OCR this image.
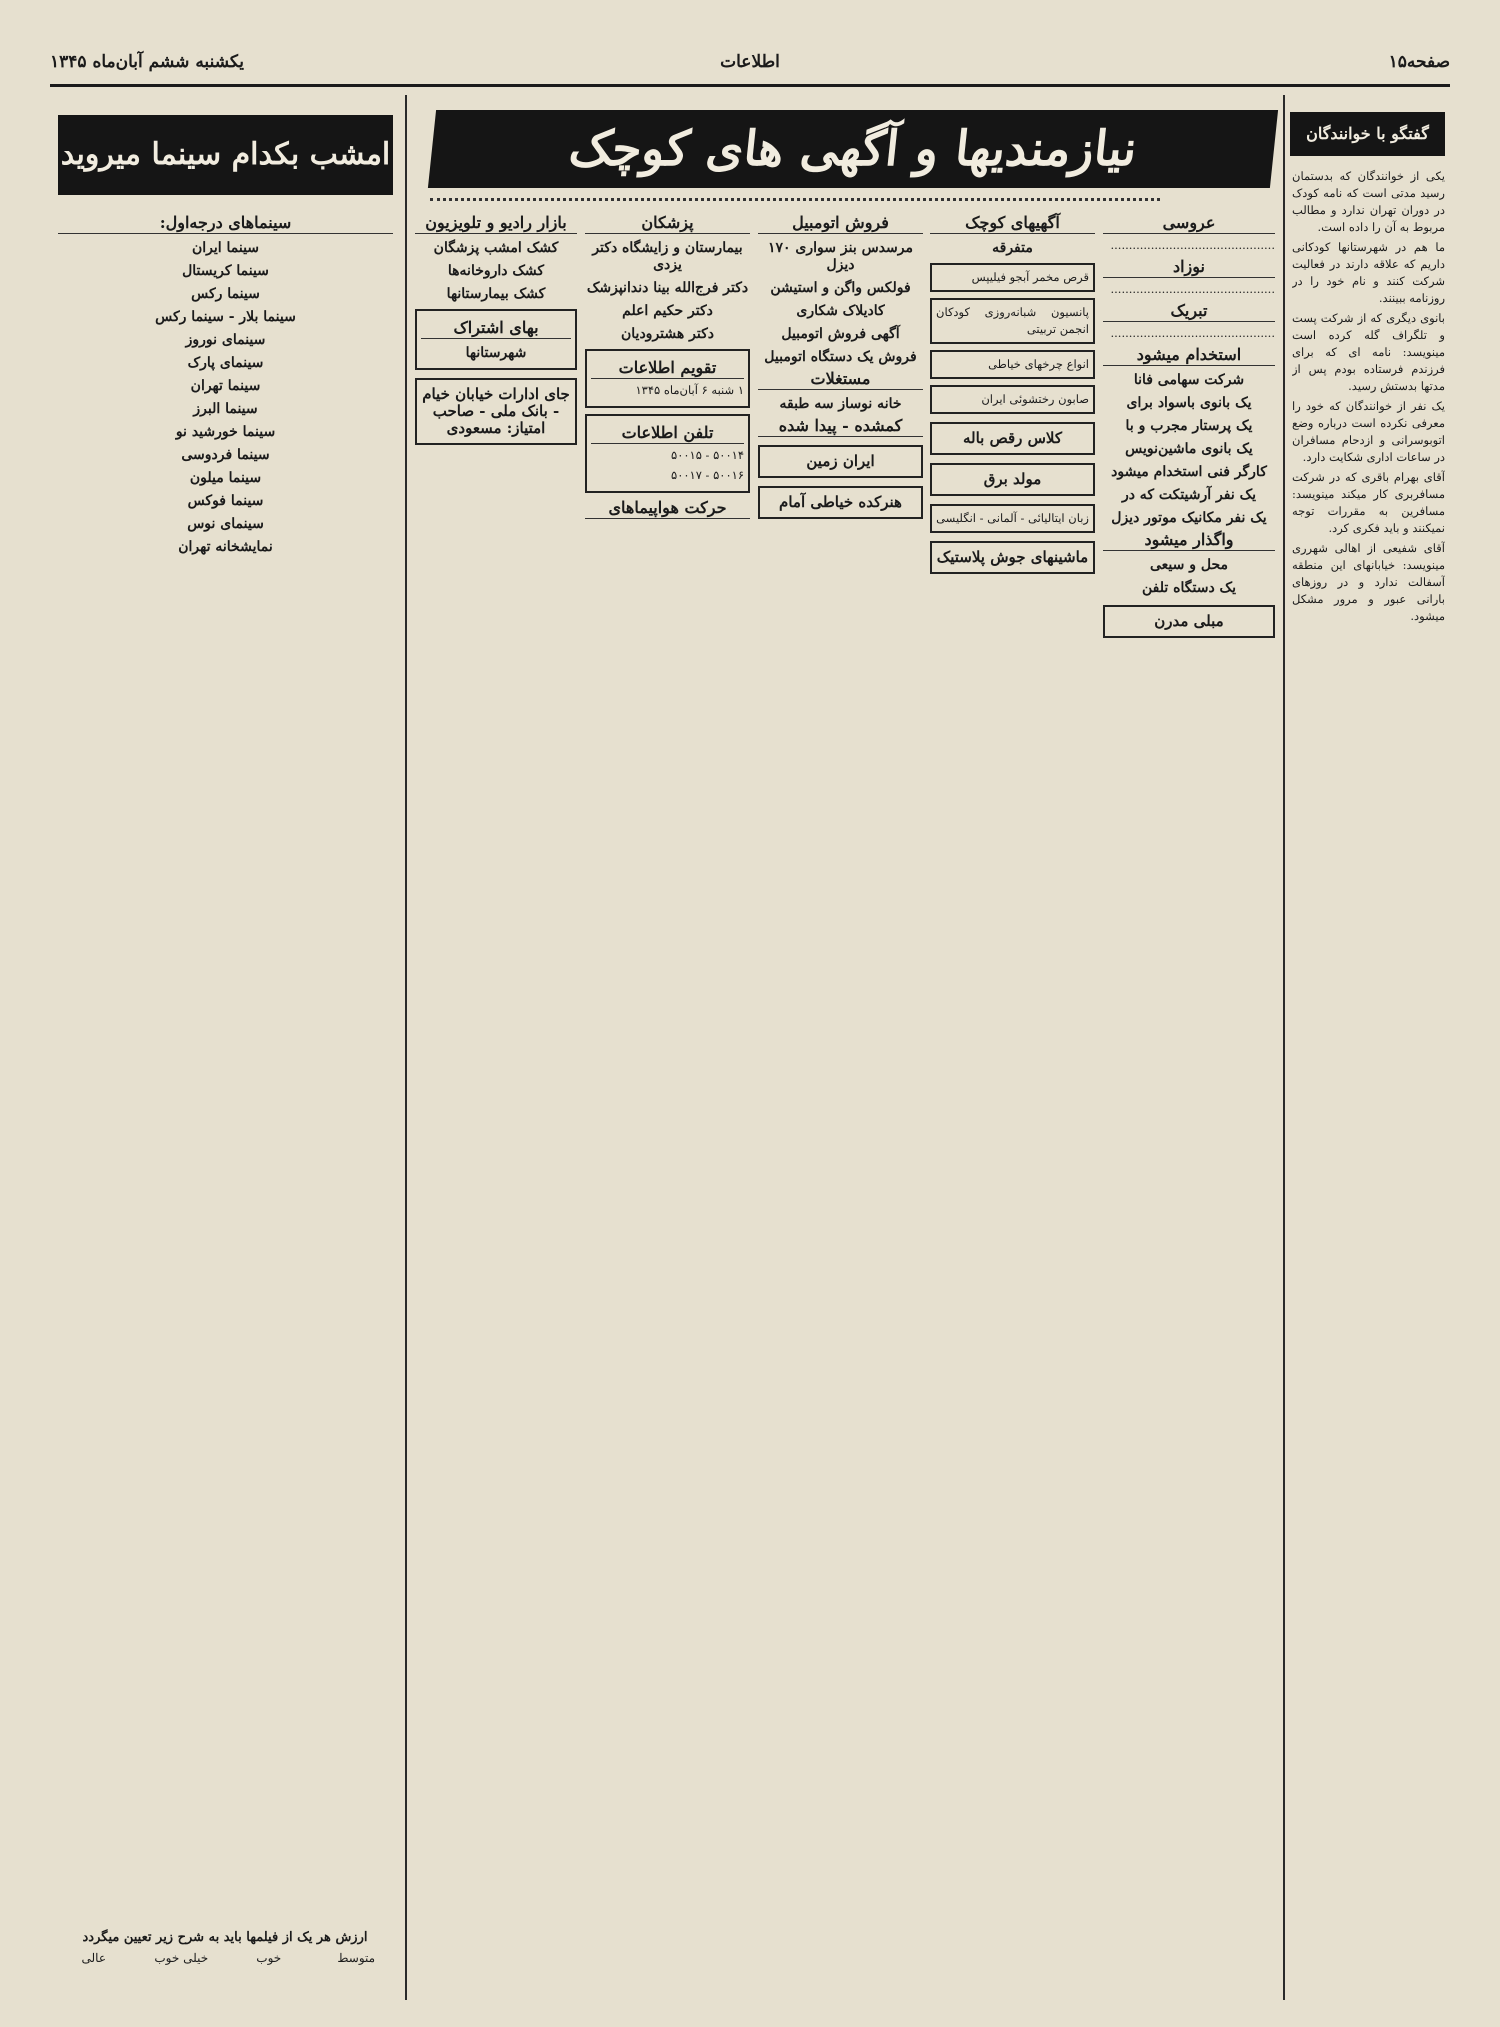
صفحه۱۵
اطلاعات
یکشنبه ششم آبان‌ماه ۱۳۴۵
نیازمندیها و آگهی های کوچک
امشب بکدام سینما میروید
گفتگو با خوانندگان

یکی از خوانندگان که بدستمان رسید مدتی است که نامه کودک در دوران تهران ندارد و مطالب مربوط به آن را داده است.

ما هم در شهرستانها کودکانی داریم که علاقه دارند در فعالیت شرکت کنند و نام خود را در روزنامه ببینند.

بانوی دیگری که از شرکت پست و تلگراف گله کرده است مینویسد: نامه ای که برای فرزندم فرستاده بودم پس از مدتها بدستش رسید.

یک نفر از خوانندگان که خود را معرفی نکرده است درباره وضع اتوبوسرانی و ازدحام مسافران در ساعات اداری شکایت دارد.

آقای بهرام باقری که در شرکت مسافربری کار میکند مینویسد: مسافرین به مقررات توجه نمیکنند و باید فکری کرد.

آقای شفیعی از اهالی شهرری مینویسد: خیابانهای این منطقه آسفالت ندارد و در روزهای بارانی عبور و مرور مشکل میشود.

عروسی

.............................................

نوزاد

.............................................

تبریک

.............................................

استخدام میشود
شرکت سهامی فانا
یک بانوی باسواد برای
یک پرستار مجرب و با
یک بانوی ماشین‌نویس
کارگر فنی استخدام میشود
یک نفر آرشیتکت که در
یک نفر مکانیک موتور دیزل
واگذار میشود
محل و سیعی
یک دستگاه تلفن
مبلی مدرن
آگهیهای کوچک
متفرقه
قرص مخمر آبجو فیلیپس
پانسیون شبانه‌روزی کودکان انجمن تربیتی
انواع چرخهای خیاطی
صابون رختشوئی ایران
کلاس رقص باله
مولد برق
زبان ایتالیائی - آلمانی - انگلیسی
ماشینهای جوش پلاستیک
فروش اتومبیل
مرسدس بنز سواری ۱۷۰ دیزل
فولکس واگن و استیشن
کادیلاک شکاری
آگهی فروش اتومبیل
فروش یک دستگاه اتومبیل
مستغلات
خانه نوساز سه طبقه
کمشده - پیدا شده
ایران زمین
هنرکده خیاطی آمام
پزشکان
بیمارستان و زایشگاه دکتر یزدی
دکتر فرج‌الله بینا دندانپزشک
دکتر حکیم اعلم
دکتر هشترودیان
تقویم اطلاعات

۱ شنبه ۶ آبان‌ماه ۱۳۴۵

تلفن اطلاعات

۵۰۰۱۴ - ۵۰۰۱۵

۵۰۰۱۶ - ۵۰۰۱۷

حرکت هواپیماهای
بازار رادیو و تلویزیون
کشک امشب پزشگان
کشک داروخانه‌ها
کشک بیمارستانها
بهای اشتراک
شهرستانها
جای ادارات خیابان خیام - بانک ملی - صاحب امتیاز: مسعودی
سینماهای درجه‌اول:
سینما ایران
سینما کریستال
سینما رکس
سینما بلار - سینما رکس
سینمای نوروز
سینمای پارک
سینما تهران
سینما البرز
سینما خورشید نو
سینما فردوسی
سینما میلون
سینما فوکس
سینمای نوس
نمایشخانه تهران
ارزش هر یک از فیلمها باید به شرح زیر تعیین میگردد
متوسط
خوب
خیلی خوب
عالی
